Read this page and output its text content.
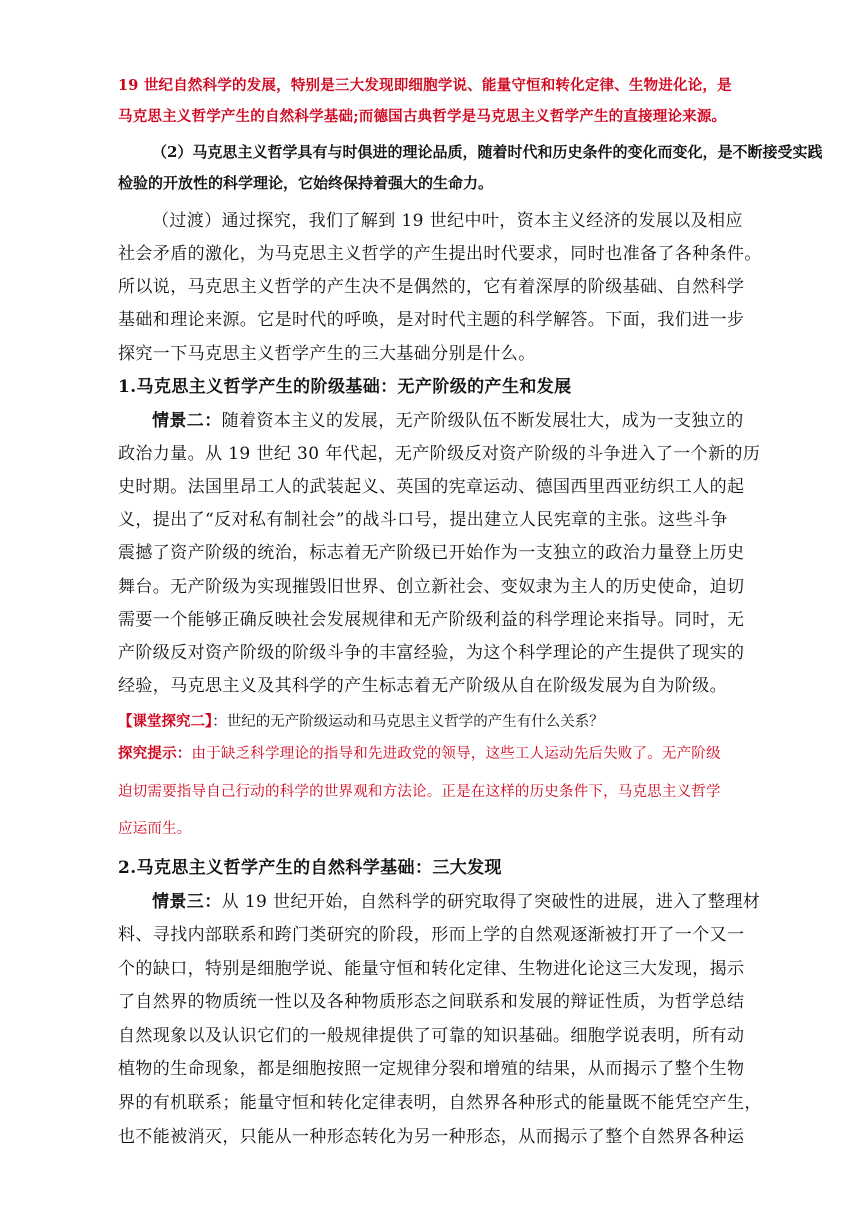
19 世纪自然科学的发展，特别是三大发现即细胞学说、能量守恒和转化定律、生物进化论，是
马克思主义哲学产生的自然科学基础;而德国古典哲学是马克思主义哲学产生的直接理论来源。
（2）马克思主义哲学具有与时俱进的理论品质，随着时代和历史条件的变化而变化，是不断接受实践
检验的开放性的科学理论，它始终保持着强大的生命力。
（过渡）通过探究，我们了解到 19 世纪中叶，资本主义经济的发展以及相应
社会矛盾的激化，为马克思主义哲学的产生提出时代要求，同时也准备了各种条件。
所以说，马克思主义哲学的产生决不是偶然的，它有着深厚的阶级基础、自然科学
基础和理论来源。它是时代的呼唤，是对时代主题的科学解答。下面，我们进一步
探究一下马克思主义哲学产生的三大基础分别是什么。
1.马克思主义哲学产生的阶级基础：无产阶级的产生和发展
情景二：随着资本主义的发展，无产阶级队伍不断发展壮大，成为一支独立的
政治力量。从 19 世纪 30 年代起，无产阶级反对资产阶级的斗争进入了一个新的历
史时期。法国里昂工人的武装起义、英国的宪章运动、德国西里西亚纺织工人的起
义，提出了“反对私有制社会”的战斗口号，提出建立人民宪章的主张。这些斗争
震撼了资产阶级的统治，标志着无产阶级已开始作为一支独立的政治力量登上历史
舞台。无产阶级为实现摧毁旧世界、创立新社会、变奴隶为主人的历史使命，迫切
需要一个能够正确反映社会发展规律和无产阶级利益的科学理论来指导。同时，无
产阶级反对资产阶级的阶级斗争的丰富经验，为这个科学理论的产生提供了现实的
经验，马克思主义及其科学的产生标志着无产阶级从自在阶级发展为自为阶级。
【课堂探究二】：世纪的无产阶级运动和马克思主义哲学的产生有什么关系？
探究提示：由于缺乏科学理论的指导和先进政党的领导，这些工人运动先后失败了。无产阶级
迫切需要指导自己行动的科学的世界观和方法论。正是在这样的历史条件下，马克思主义哲学
应运而生。
2.马克思主义哲学产生的自然科学基础：三大发现
情景三：从 19 世纪开始，自然科学的研究取得了突破性的进展，进入了整理材
料、寻找内部联系和跨门类研究的阶段，形而上学的自然观逐渐被打开了一个又一
个的缺口，特别是细胞学说、能量守恒和转化定律、生物进化论这三大发现，揭示
了自然界的物质统一性以及各种物质形态之间联系和发展的辩证性质，为哲学总结
自然现象以及认识它们的一般规律提供了可靠的知识基础。细胞学说表明，所有动
植物的生命现象，都是细胞按照一定规律分裂和增殖的结果，从而揭示了整个生物
界的有机联系；能量守恒和转化定律表明，自然界各种形式的能量既不能凭空产生，
也不能被消灭，只能从一种形态转化为另一种形态，从而揭示了整个自然界各种运
